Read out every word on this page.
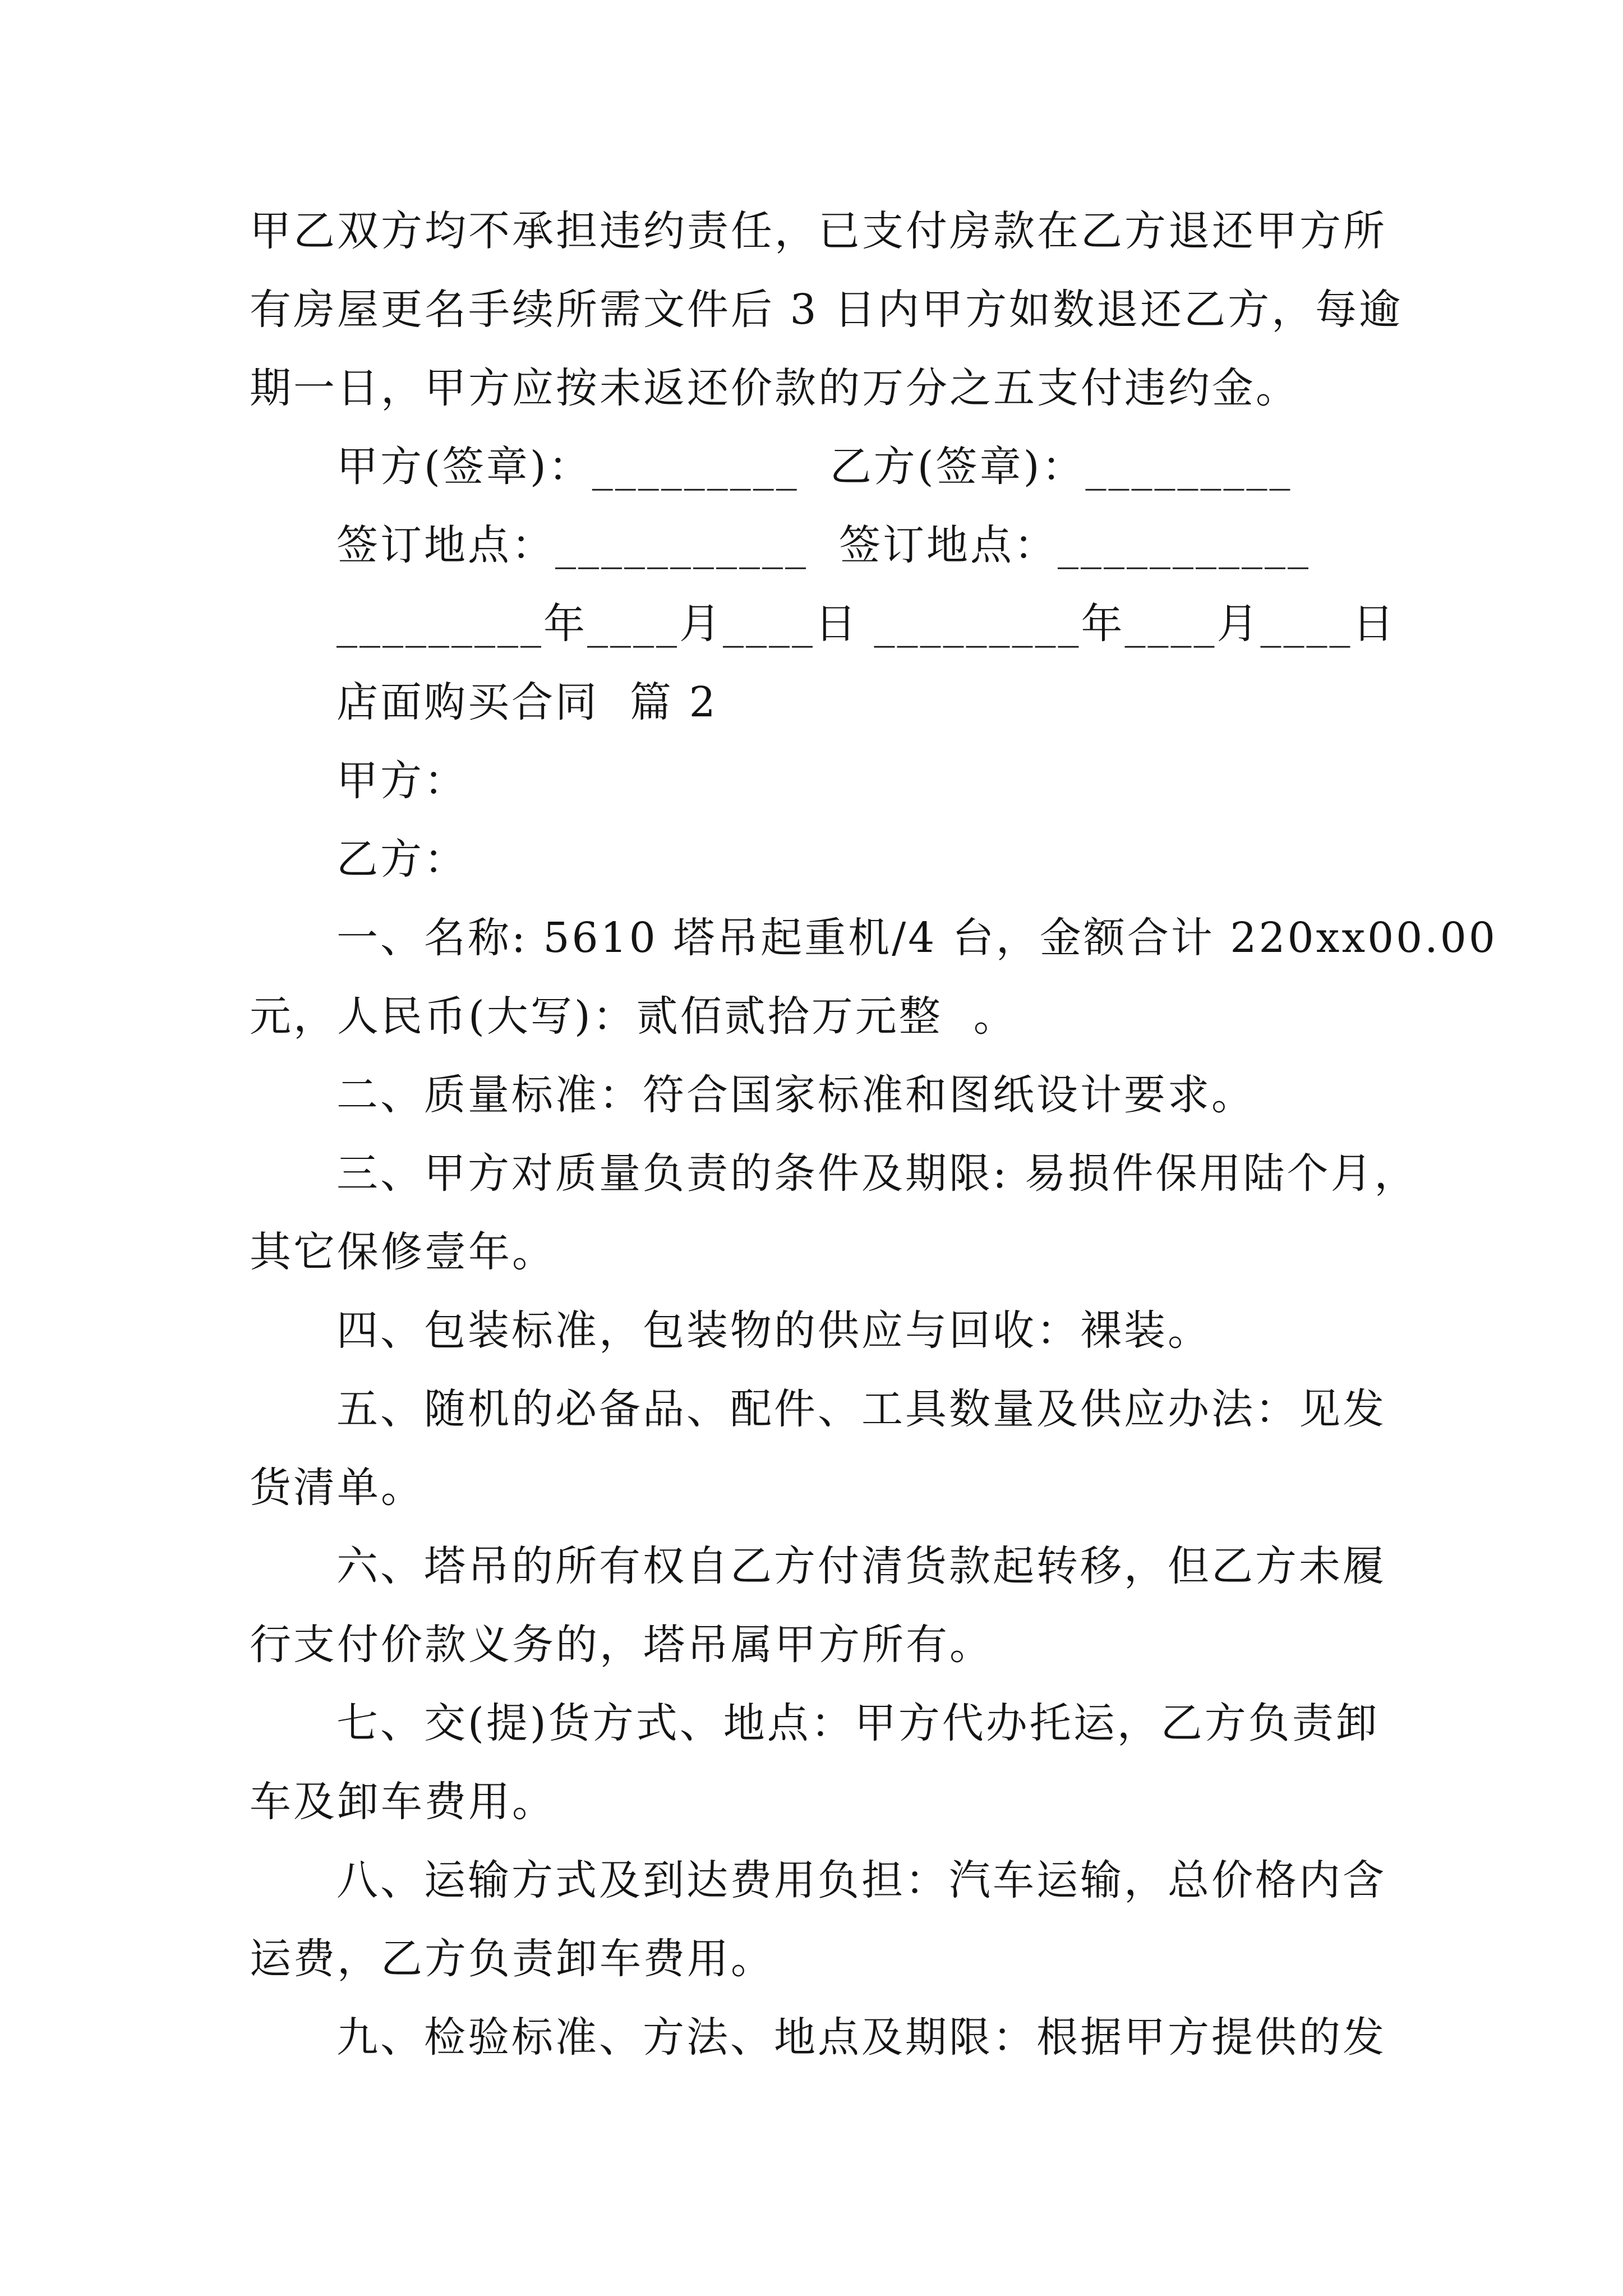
甲乙双方均不承担违约责任，已支付房款在乙方退还甲方所
有房屋更名手续所需文件后 3 日内甲方如数退还乙方，每逾
期一日，甲方应按未返还价款的万分之五支付违约金。
甲方(签章)：_________  乙方(签章)：_________
签订地点：___________  签订地点：___________
_________年____月____日 _________年____月____日
店面购买合同  篇 2
甲方：
乙方：
一、名称: 5610 塔吊起重机/4 台，金额合计 220xx00.00
元，人民币(大写)：贰佰贰拾万元整  。
二、质量标准：符合国家标准和图纸设计要求。
三、甲方对质量负责的条件及期限: 易损件保用陆个月，
其它保修壹年。
四、包装标准，包装物的供应与回收：裸装。
五、随机的必备品、配件、工具数量及供应办法：见发
货清单。
六、塔吊的所有权自乙方付清货款起转移，但乙方未履
行支付价款义务的，塔吊属甲方所有。
七、交(提)货方式、地点：甲方代办托运，乙方负责卸
车及卸车费用。
八、运输方式及到达费用负担：汽车运输，总价格内含
运费，乙方负责卸车费用。
九、检验标准、方法、地点及期限：根据甲方提供的发
